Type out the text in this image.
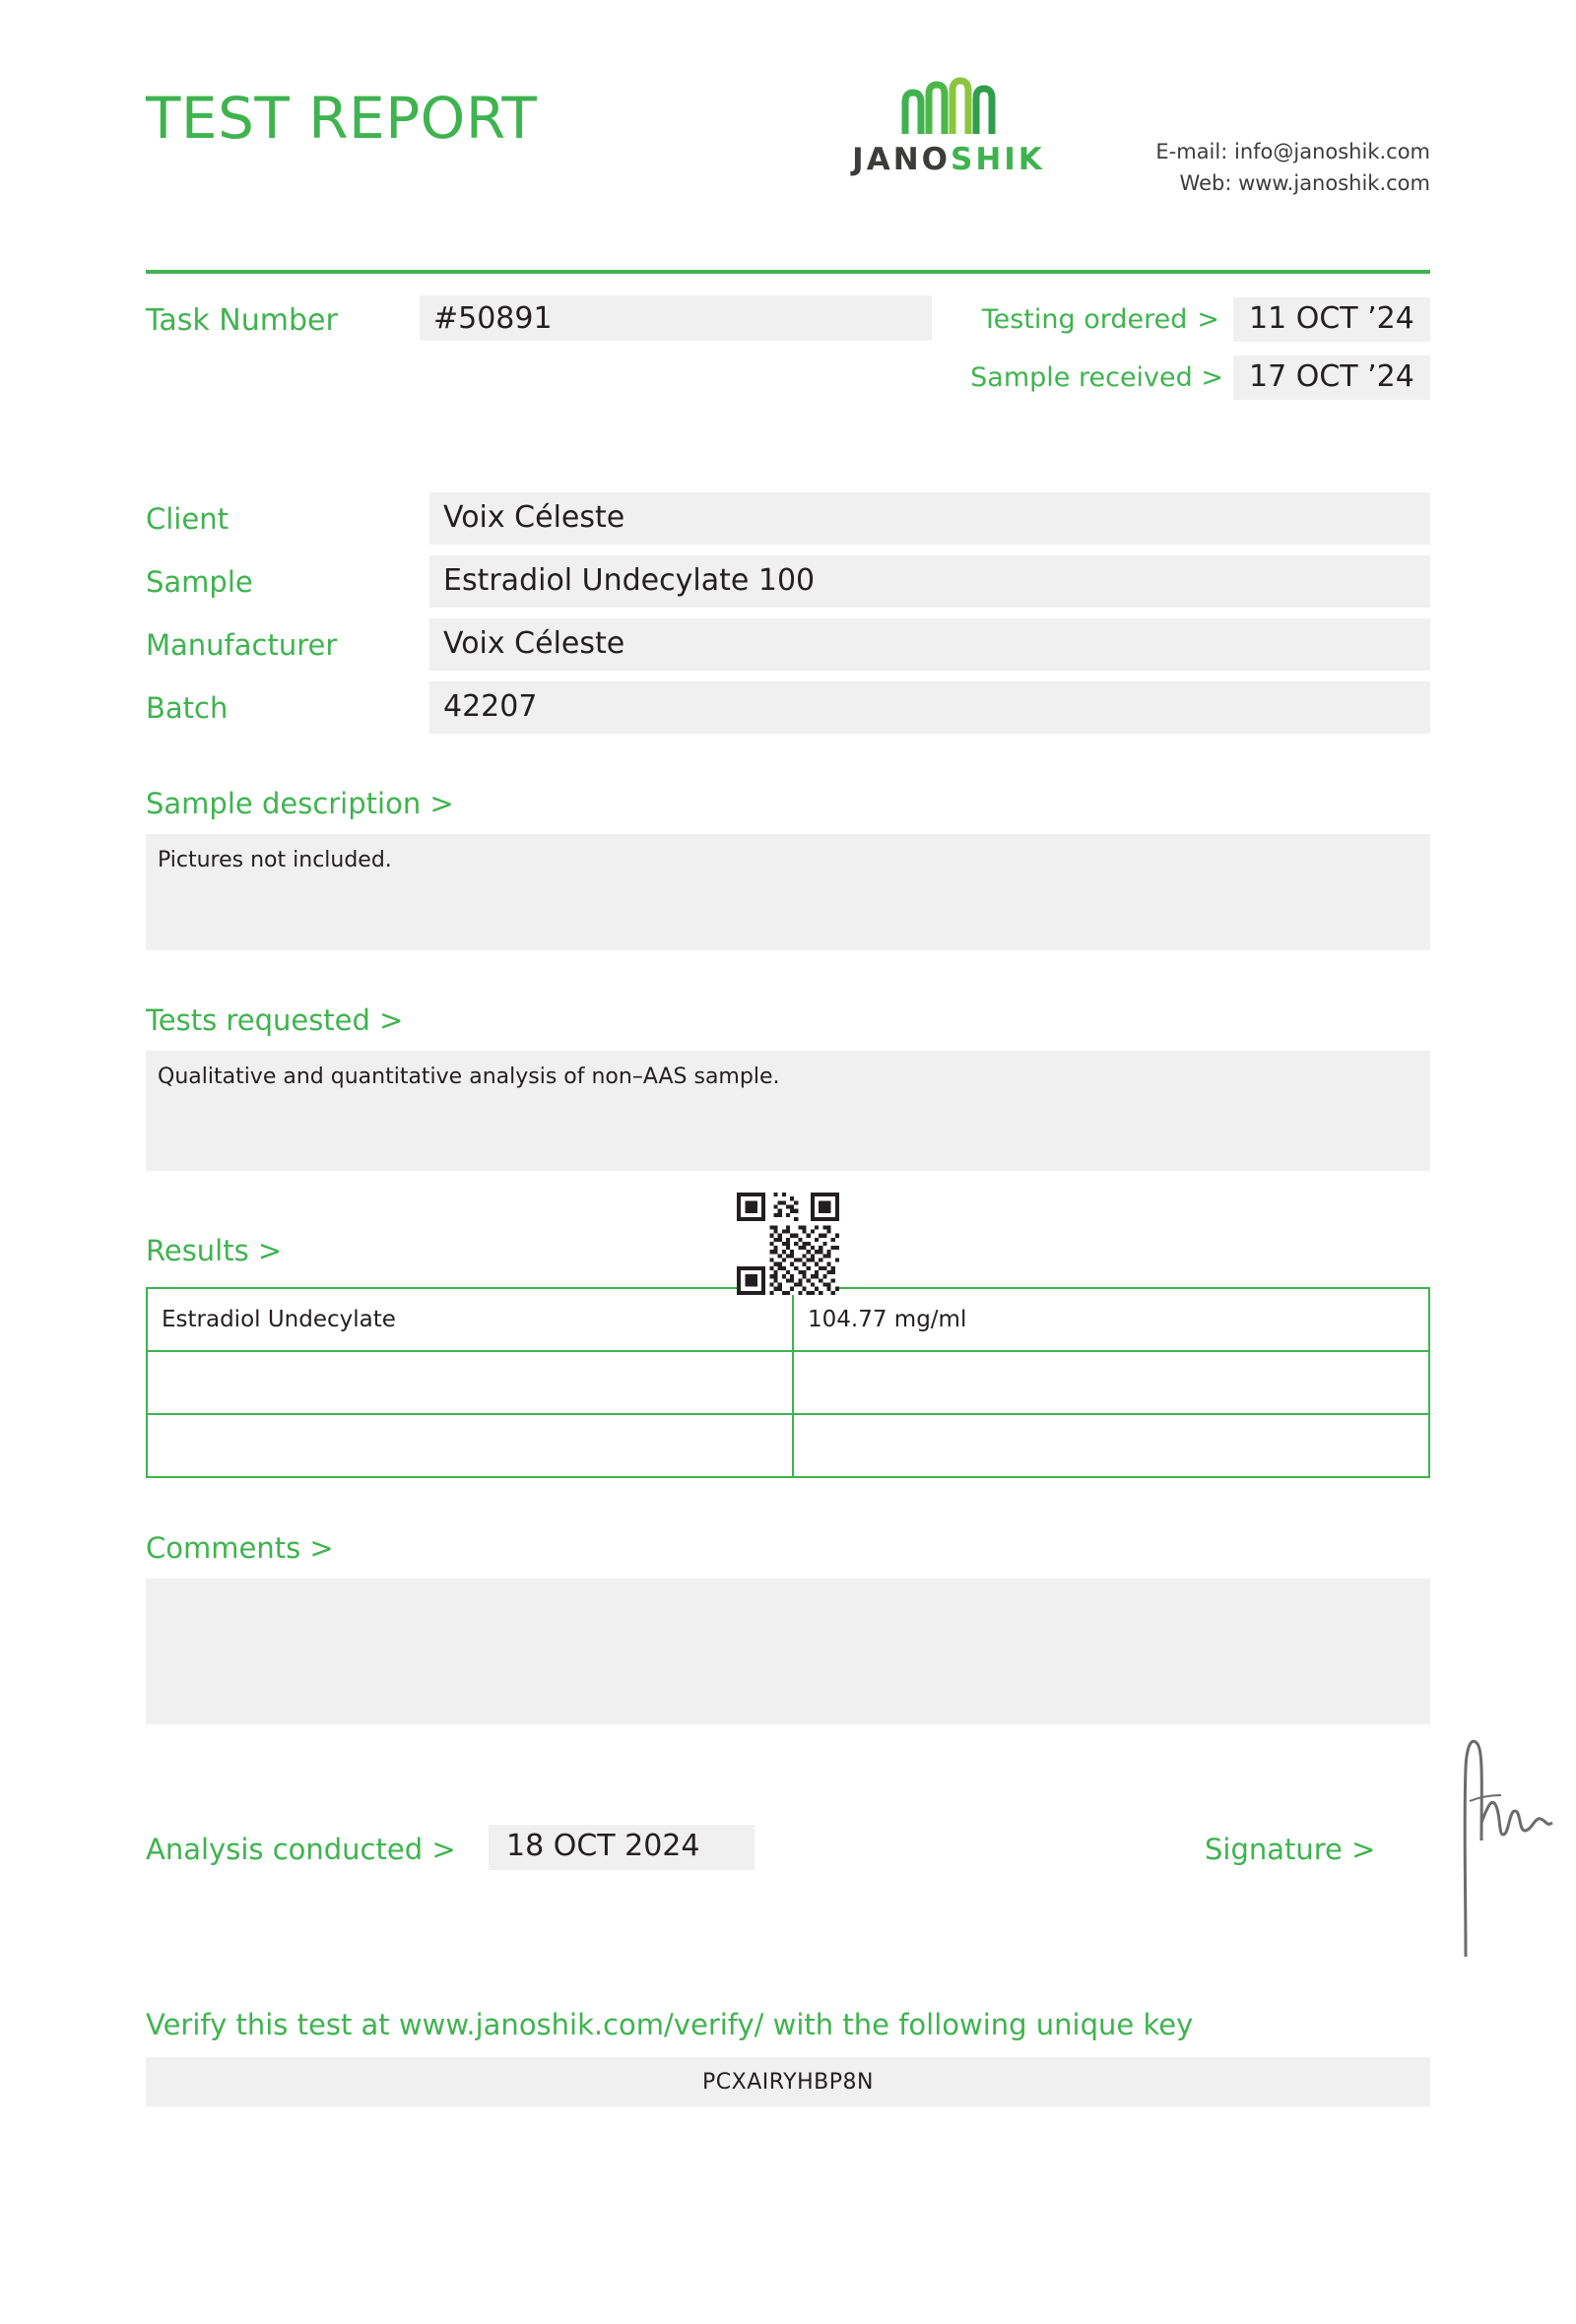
TEST REPORT
JANOSHIK	E-mail: info@janoshik.com
Web: www.janoshik.com
Task Number	#50891	Testing ordered >	11 OCT ’24
Sample received > 17 OCT ’24
Client	Voix Céleste
Sample	Estradiol Undecylate 100
Manufacturer	Voix Céleste
Batch	42207
Sample description >
Pictures not included.
Tests requested >
Qualitative and quantitative analysis of non–AAS sample.
Results >
Estradiol Undecylate	104.77 mg/ml

Comments >
Analysis conducted >	18 OCT 2024	Signature >
Verify this test at www.janoshik.com/verify/ with the following unique key
PCXAIRYHBP8N
